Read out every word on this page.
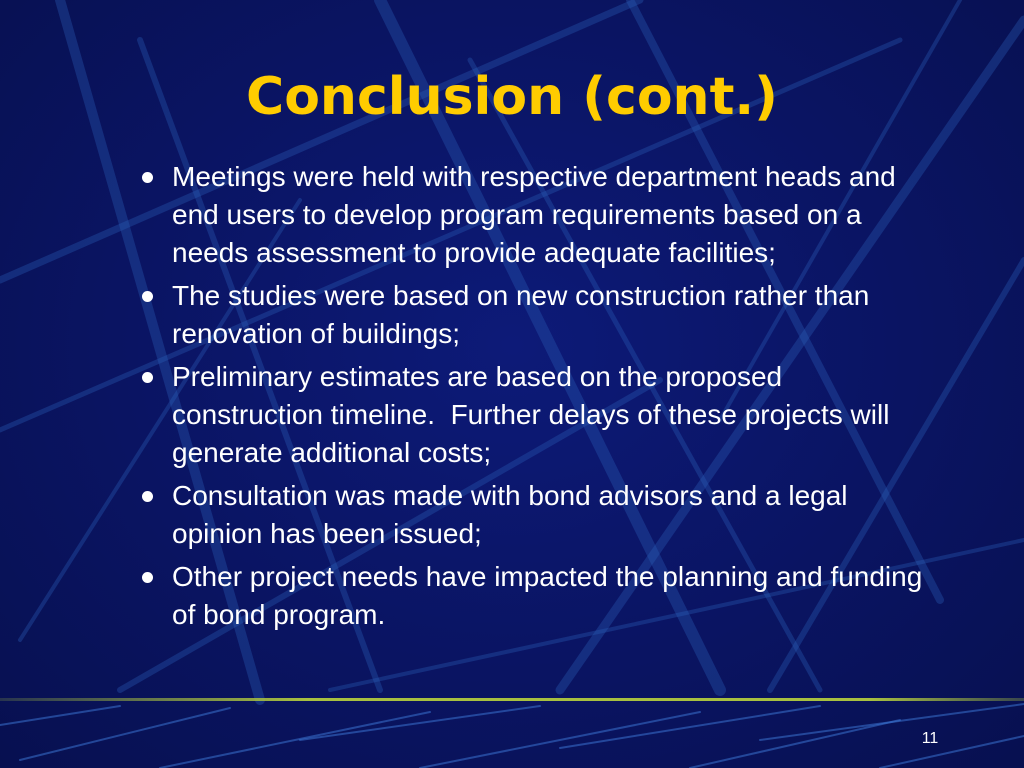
Conclusion (cont.)
Meetings were held with respective department heads and end users to develop program requirements based on a needs assessment to provide adequate facilities;
The studies were based on new construction rather than renovation of buildings;
Preliminary estimates are based on the proposed construction timeline.  Further delays of these projects will generate additional costs;
Consultation was made with bond advisors and a legal opinion has been issued;
Other project needs have impacted the planning and funding of bond program.
11
